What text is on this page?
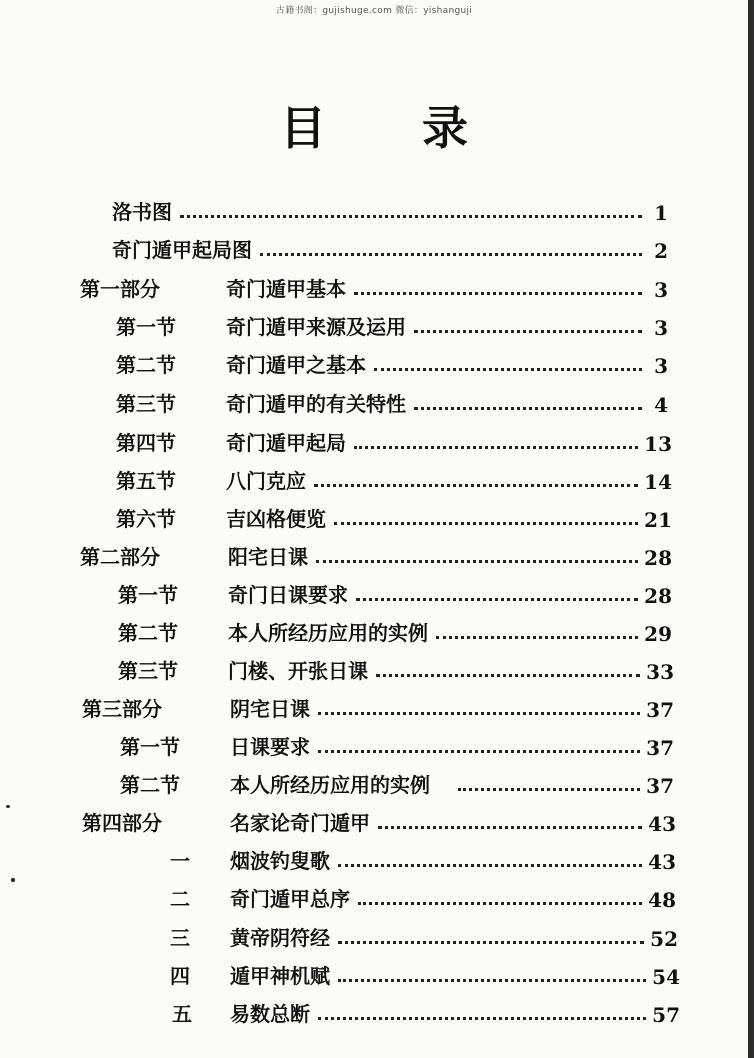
古籍书阁：gujishuge.com 微信：yishanguji
目 录
洛书图	1
奇门遁甲起局图	2
第一部分	奇门遁甲基本	3
第一节	奇门遁甲来源及运用	3
第二节	奇门遁甲之基本	3
第三节	奇门遁甲的有关特性	4
第四节	奇门遁甲起局	13
第五节	八门克应	14
第六节	吉凶格便览	21
第二部分	阳宅日课	28
第一节	奇门日课要求	28
第二节	本人所经历应用的实例	29
第三节	门楼、开张日课	33
第三部分	阴宅日课	37
第一节	日课要求	37
第二节	本人所经历应用的实例	37
第四部分	名家论奇门遁甲	43
一	烟波钓叟歌	43
二	奇门遁甲总序	48
三	黄帝阴符经	52
四	遁甲神机赋	54
五	易数总断	57
